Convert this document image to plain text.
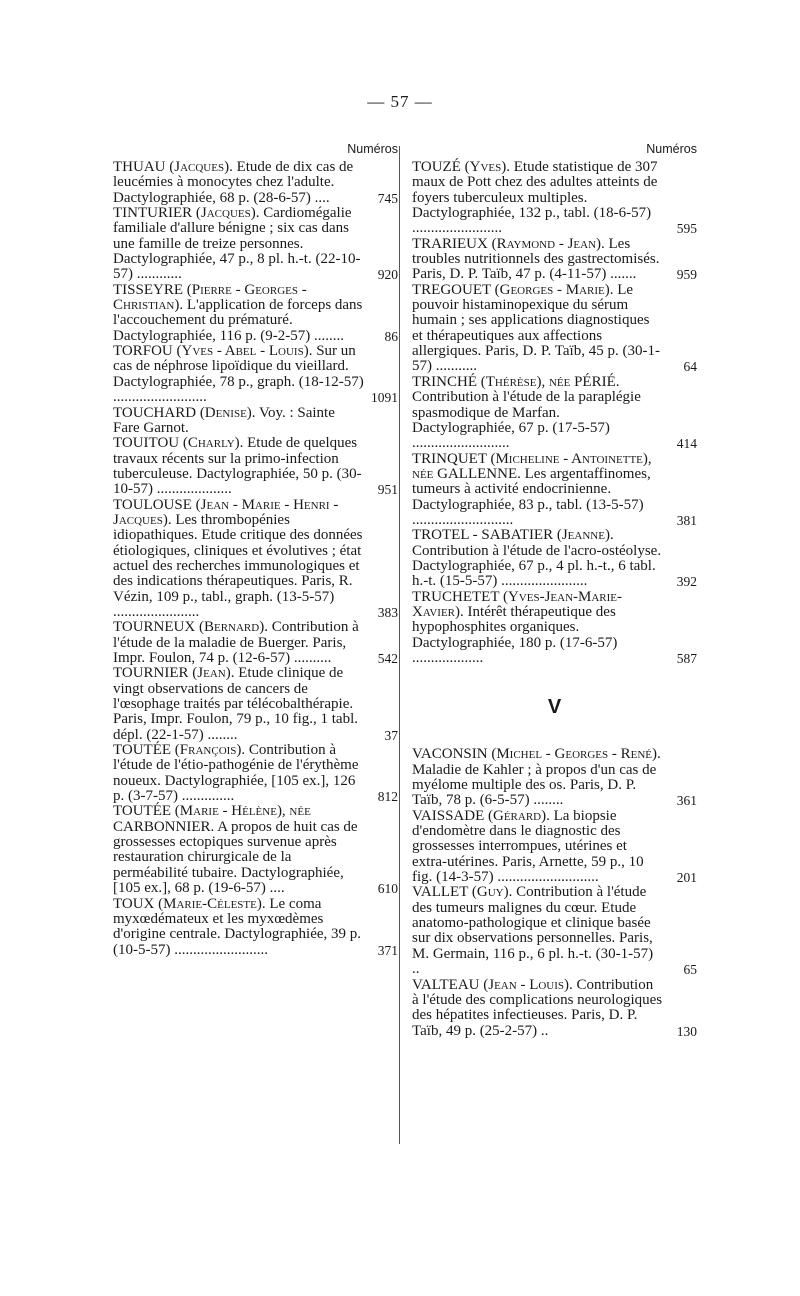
— 57 —
Numéros

THUAU (Jacques). Etude de dix cas de leucémies à monocytes chez l'adulte. Dactylographiée, 68 p. (28-6-57) ....	745

TINTURIER (Jacques). Cardiomégalie familiale d'allure bénigne ; six cas dans une famille de treize personnes. Dactylographiée, 47 p., 8 pl. h.-t. (22-10-57) ............	920

TISSEYRE (Pierre - Georges - Christian). L'application de forceps dans l'accouchement du prématuré. Dactylographiée, 116 p. (9-2-57) ........	86

TORFOU (Yves - Abel - Louis). Sur un cas de néphrose lipoïdique du vieillard. Dactylographiée, 78 p., graph. (18-12-57) .........................	1091

TOUCHARD (Denise). Voy. : Sainte Fare Garnot.

TOUITOU (Charly). Etude de quelques travaux récents sur la primo-infection tuberculeuse. Dactylographiée, 50 p. (30-10-57) ....................	951

TOULOUSE (Jean - Marie - Henri - Jacques). Les thrombopénies idiopathiques. Etude critique des données étiologiques, cliniques et évolutives ; état actuel des recherches immunologiques et des indications thérapeutiques. Paris, R. Vézin, 109 p., tabl., graph. (13-5-57) .......................	383

TOURNEUX (Bernard). Contribution à l'étude de la maladie de Buerger. Paris, Impr. Foulon, 74 p. (12-6-57) ..........	542

TOURNIER (Jean). Etude clinique de vingt observations de cancers de l'œsophage traités par télécobalthérapie. Paris, Impr. Foulon, 79 p., 10 fig., 1 tabl. dépl. (22-1-57) ........	37

TOUTÉE (François). Contribution à l'étude de l'étio-pathogénie de l'érythème noueux. Dactylographiée, [105 ex.], 126 p. (3-7-57) ..............	812

TOUTÉE (Marie - Hélène), née CARBONNIER. A propos de huit cas de grossesses ectopiques survenue après restauration chirurgicale de la perméabilité tubaire. Dactylographiée, [105 ex.], 68 p. (19-6-57) ....	610

TOUX (Marie-Céleste). Le coma myxœdémateux et les myxœdèmes d'origine centrale. Dactylographiée, 39 p. (10-5-57) .........................	371

Numéros

TOUZÉ (Yves). Etude statistique de 307 maux de Pott chez des adultes atteints de foyers tuberculeux multiples. Dactylographiée, 132 p., tabl. (18-6-57) ........................	595

TRARIEUX (Raymond - Jean). Les troubles nutritionnels des gastrectomisés. Paris, D. P. Taïb, 47 p. (4-11-57) .......	959

TREGOUET (Georges - Marie). Le pouvoir histaminopexique du sérum humain ; ses applications diagnostiques et thérapeutiques aux affections allergiques. Paris, D. P. Taïb, 45 p. (30-1-57) ...........	64

TRINCHÉ (Thérèse), née PÉRIÉ. Contribution à l'étude de la paraplégie spasmodique de Marfan. Dactylographiée, 67 p. (17-5-57) ..........................	414

TRINQUET (Micheline - Antoinette), née GALLENNE. Les argentaffinomes, tumeurs à activité endocrinienne. Dactylographiée, 83 p., tabl. (13-5-57) ...........................	381

TROTEL - SABATIER (Jeanne). Contribution à l'étude de l'acro-ostéolyse. Dactylographiée, 67 p., 4 pl. h.-t., 6 tabl. h.-t. (15-5-57) .......................	392

TRUCHETET (Yves-Jean-Marie-Xavier). Intérêt thérapeutique des hypophosphites organiques. Dactylographiée, 180 p. (17-6-57) ...................	587

V

VACONSIN (Michel - Georges - René). Maladie de Kahler ; à propos d'un cas de myélome multiple des os. Paris, D. P. Taïb, 78 p. (6-5-57) ........	361

VAISSADE (Gérard). La biopsie d'endomètre dans le diagnostic des grossesses interrompues, utérines et extra-utérines. Paris, Arnette, 59 p., 10 fig. (14-3-57) ...........................	201

VALLET (Guy). Contribution à l'étude des tumeurs malignes du cœur. Etude anatomo-pathologique et clinique basée sur dix observations personnelles. Paris, M. Germain, 116 p., 6 pl. h.-t. (30-1-57) ..	65

VALTEAU (Jean - Louis). Contribution à l'étude des complications neurologiques des hépatites infectieuses. Paris, D. P. Taïb, 49 p. (25-2-57) ..	130
